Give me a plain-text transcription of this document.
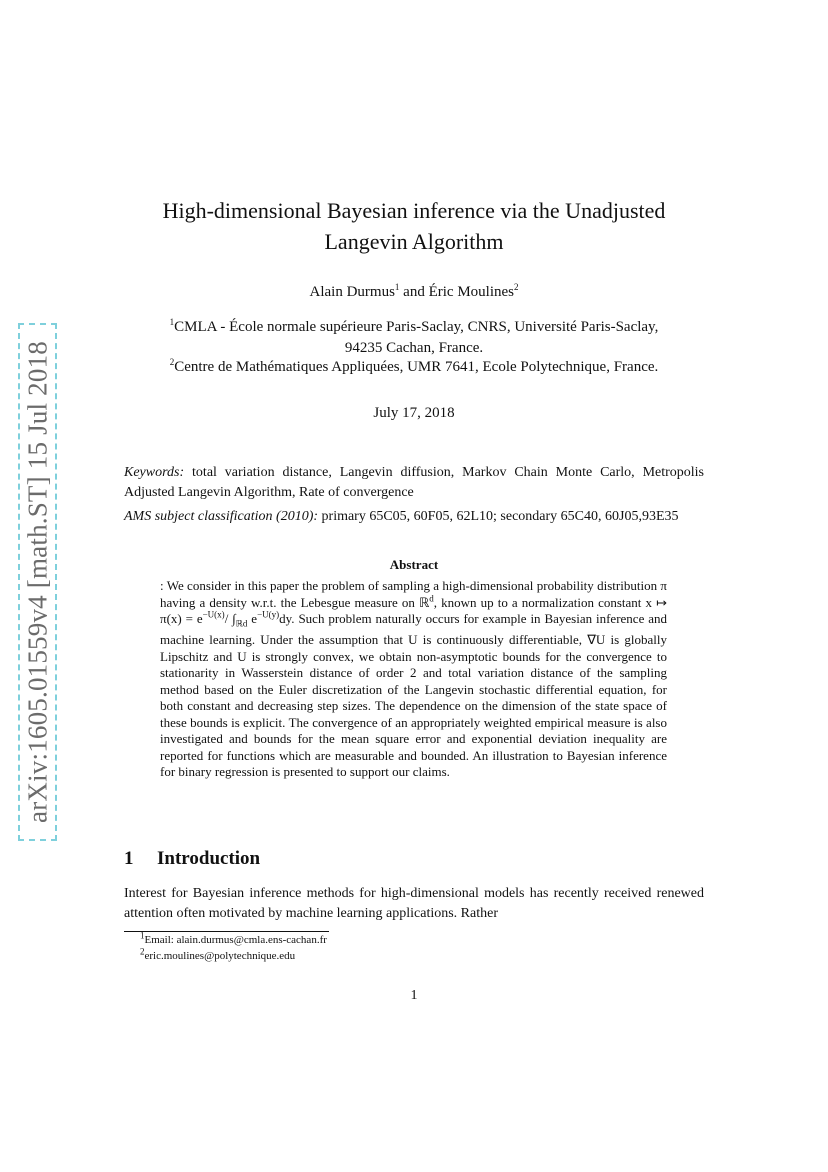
arXiv:1605.01559v4 [math.ST] 15 Jul 2018
High-dimensional Bayesian inference via the Unadjusted
Langevin Algorithm
Alain Durmus$^1$ and Éric Moulines$^2$
$^1$CMLA - École normale supérieure Paris-Saclay, CNRS, Université Paris-Saclay,
94235 Cachan, France.
$^2$Centre de Mathématiques Appliquées, UMR 7641, Ecole Polytechnique, France.
July 17, 2018
Keywords: total variation distance, Langevin diffusion, Markov Chain Monte Carlo, Metropolis Adjusted Langevin Algorithm, Rate of convergence
AMS subject classification (2010): primary 65C05, 60F05, 62L10; secondary 65C40, 60J05,93E35
Abstract
: We consider in this paper the problem of sampling a high-dimensional probability distribution π having a density w.r.t. the Lebesgue measure on ℝ$^d$, known up to a normalization constant x ↦ $\pi(x) = e^{-U(x)}/$ $\int_{ℝd}$ $e^{-U(y)}dy$. Such problem naturally occurs for example in Bayesian inference and machine learning. Under the assumption that U is continuously differentiable, ∇U is globally Lipschitz and U is strongly convex, we obtain non-asymptotic bounds for the convergence to stationarity in Wasserstein distance of order 2 and total variation distance of the sampling method based on the Euler discretization of the Langevin stochastic differential equation, for both constant and decreasing step sizes. The dependence on the dimension of the state space of these bounds is explicit. The convergence of an appropriately weighted empirical measure is also investigated and bounds for the mean square error and exponential deviation inequality are reported for functions which are measurable and bounded. An illustration to Bayesian inference for binary regression is presented to support our claims.
1 Introduction
Interest for Bayesian inference methods for high-dimensional models has recently received renewed attention often motivated by machine learning applications. Rather
$^1$Email: alain.durmus@cmla.ens-cachan.fr
$^2$eric.moulines@polytechnique.edu
1
